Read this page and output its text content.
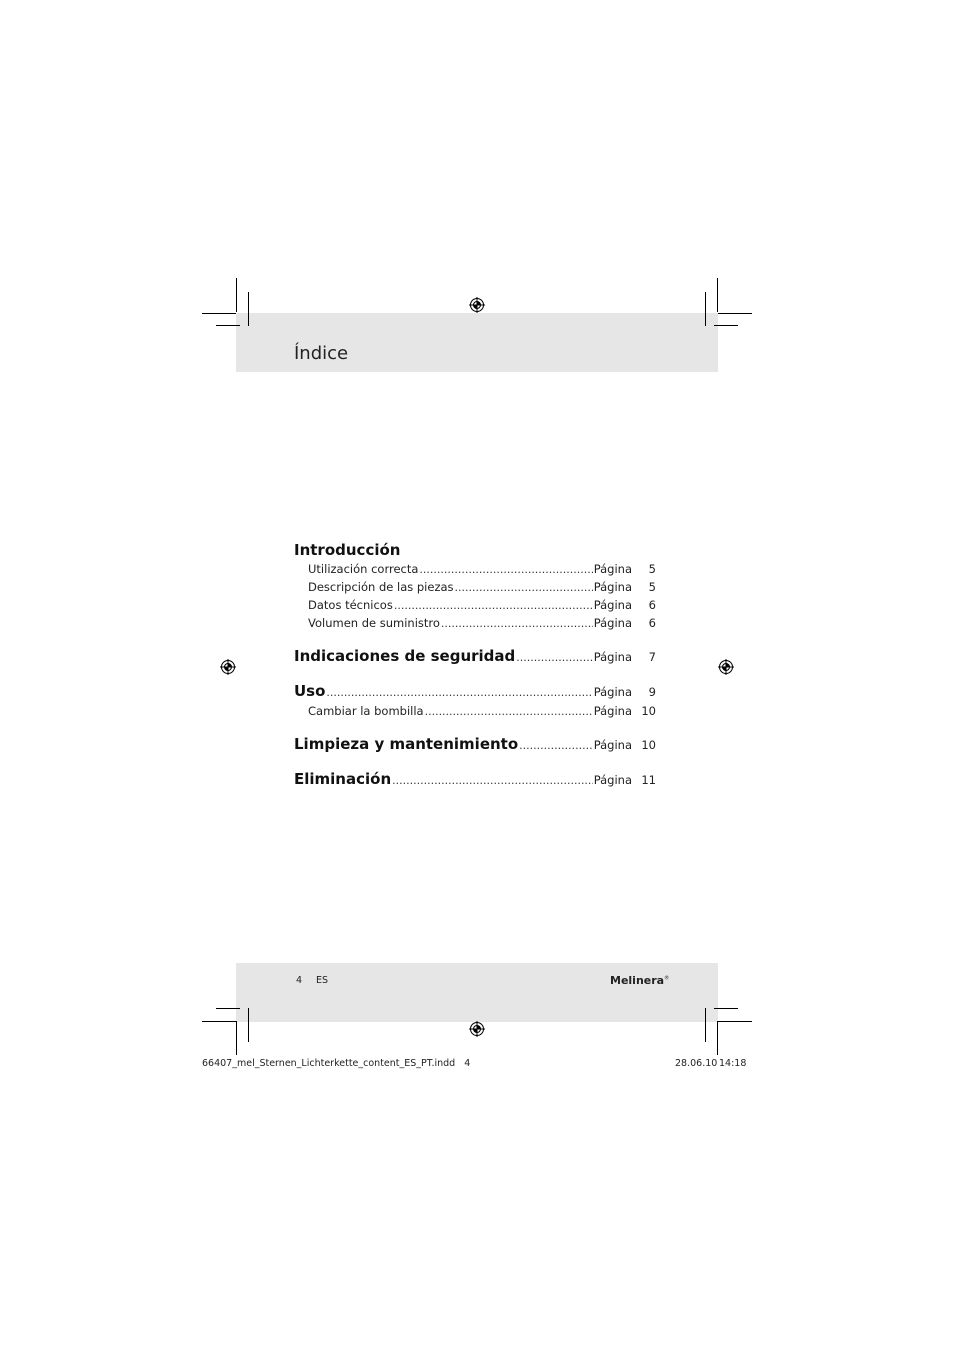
Índice
Introducción
Utilización correcta .....	Página	5
Descripción de las piezas .....	Página	5
Datos técnicos .....	Página	6
Volumen de suministro .....	Página	6
Indicaciones de seguridad .....	Página	7
Uso .....	Página	9
Cambiar la bombilla .....	Página 10
Limpieza y mantenimiento .....	Página 10
Eliminación .....	Página 11
4 ES	Melinera®
66407_mel_Sternen_Lichterkette_content_ES_PT.indd   4	28.06.10 14:18
